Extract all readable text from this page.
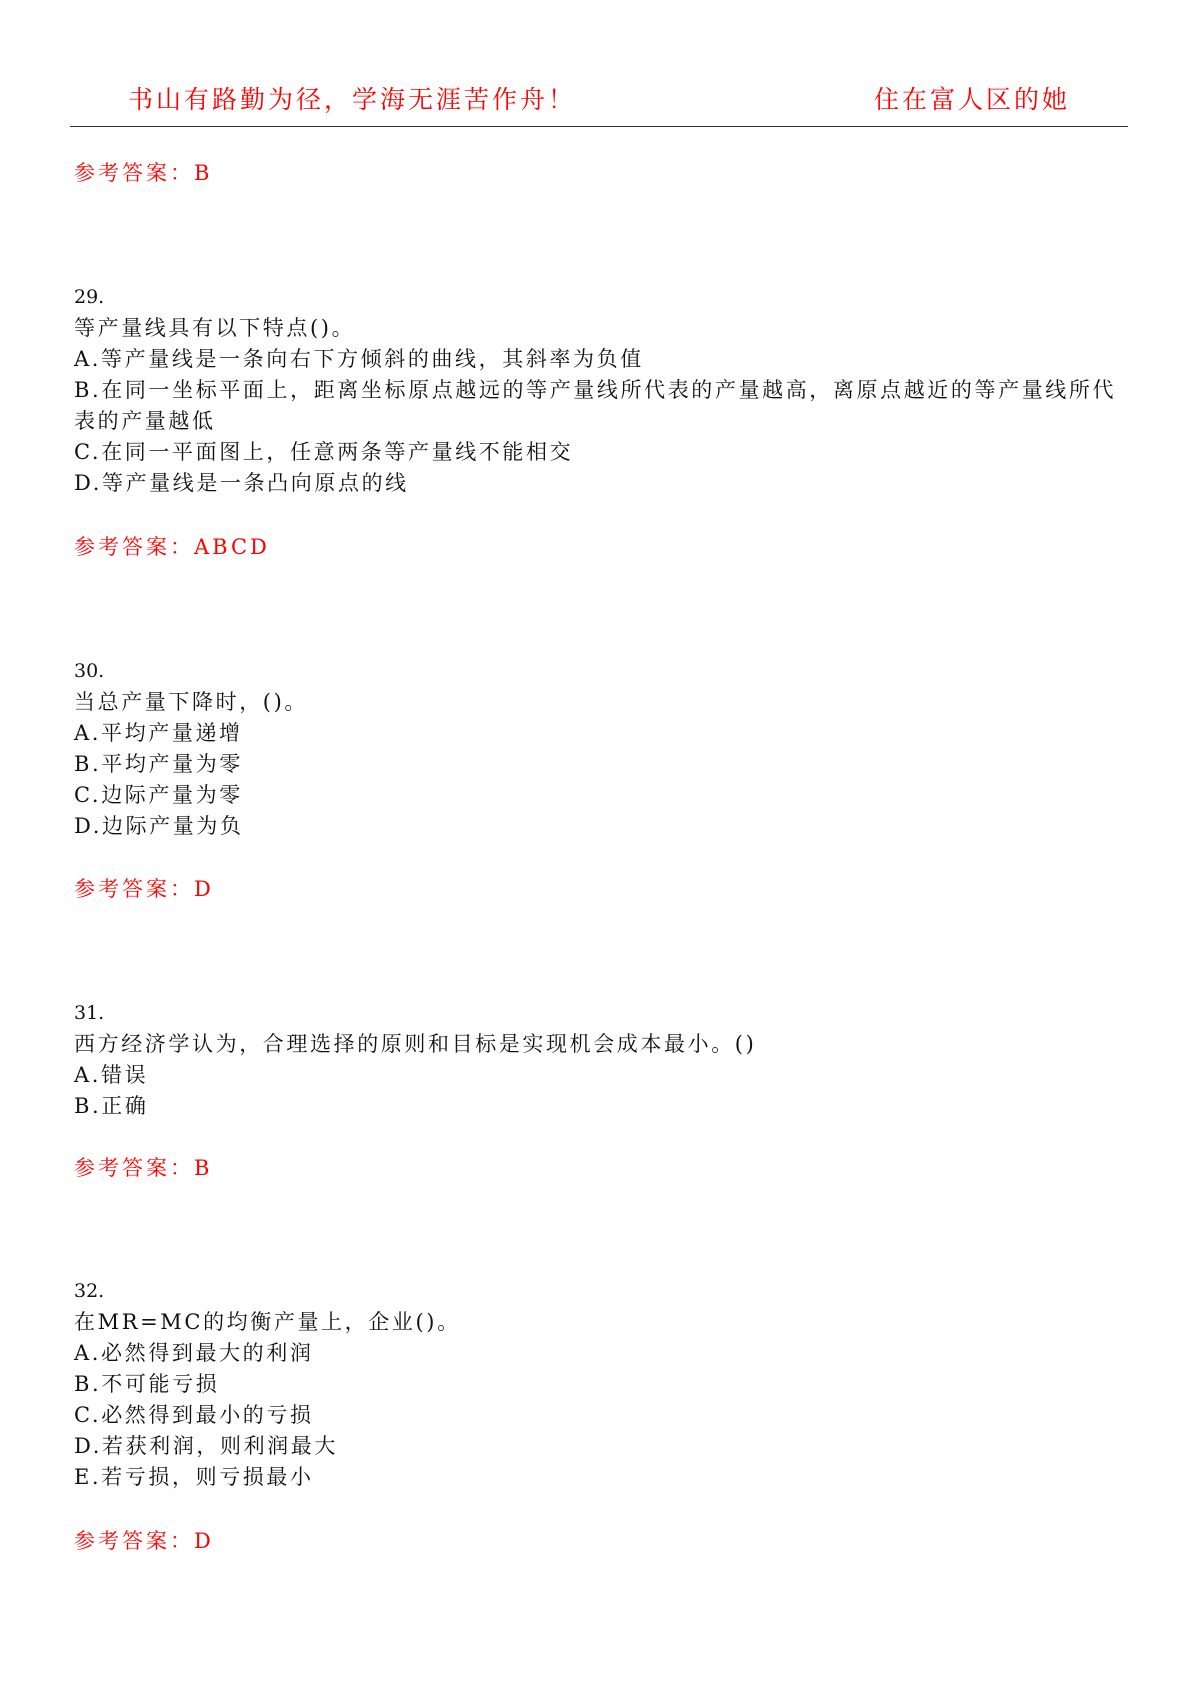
书山有路勤为径，学海无涯苦作舟！	住在富人区的她
参考答案：B
29.
等产量线具有以下特点()。
A.等产量线是一条向右下方倾斜的曲线，其斜率为负值
B.在同一坐标平面上，距离坐标原点越远的等产量线所代表的产量越高，离原点越近的等产量线所代
表的产量越低
C.在同一平面图上，任意两条等产量线不能相交
D.等产量线是一条凸向原点的线
参考答案：ABCD
30.
当总产量下降时，()。
A.平均产量递增
B.平均产量为零
C.边际产量为零
D.边际产量为负
参考答案：D
31.
西方经济学认为，合理选择的原则和目标是实现机会成本最小。()
A.错误
B.正确
参考答案：B
32.
在MR=MC的均衡产量上，企业()。
A.必然得到最大的利润
B.不可能亏损
C.必然得到最小的亏损
D.若获利润，则利润最大
E.若亏损，则亏损最小
参考答案：D
